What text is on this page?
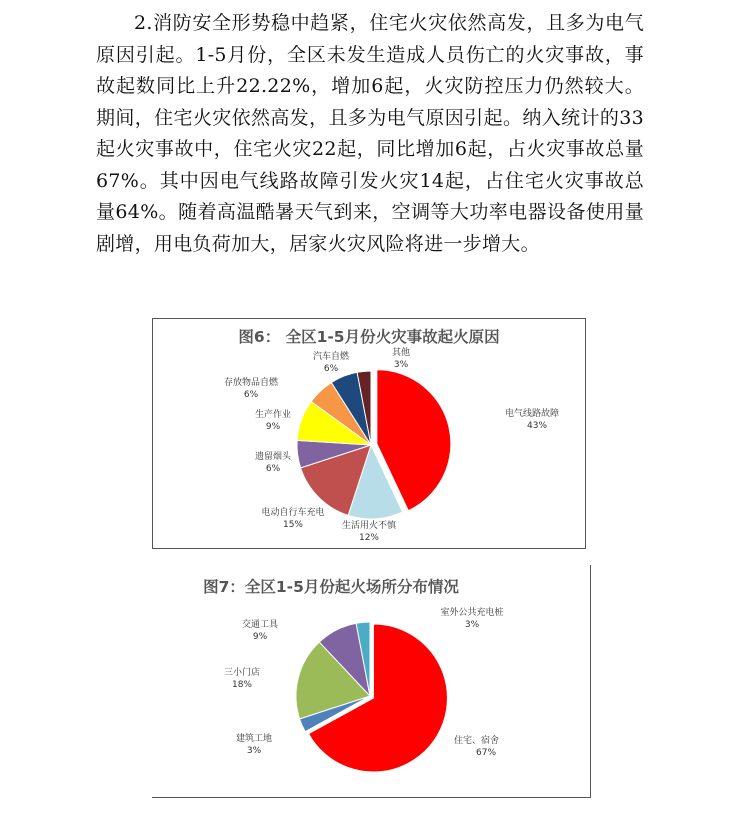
2.消防安全形势稳中趋紧，住宅火灾依然高发，且多为电气原因引起。1-5月份，全区未发生造成人员伤亡的火灾事故，事故起数同比上升22.22%，增加6起，火灾防控压力仍然较大。期间，住宅火灾依然高发，且多为电气原因引起。纳入统计的33起火灾事故中，住宅火灾22起，同比增加6起，占火灾事故总量67%。其中因电气线路故障引发火灾14起，占住宅火灾事故总量64%。随着高温酷暑天气到来，空调等大功率电器设备使用量剧增，用电负荷加大，居家火灾风险将进一步增大。
图6： 全区1-5月份火灾事故起火原因
电气线路故障
43%
生活用火不慎
12%
电动自行车充电
15%
遗留烟头
6%
生产作业
9%
存放物品自燃
6%
汽车自燃
6%
其他
3%
图7：全区1-5月份起火场所分布情况
住宅、宿舍
67%
建筑工地
3%
三小门店
18%
交通工具
9%
室外公共充电桩
3%
